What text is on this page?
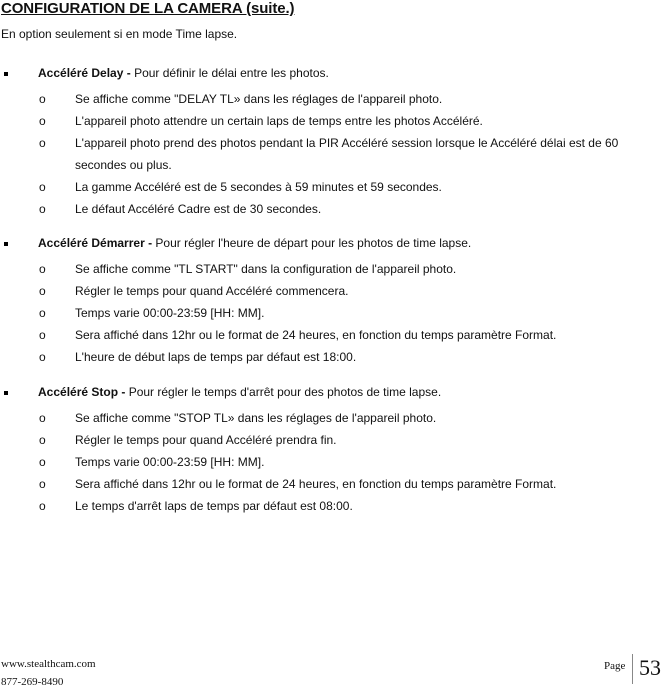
CONFIGURATION DE LA CAMERA (suite.)
En option seulement si en mode Time lapse.
Accéléré Delay - Pour définir le délai entre les photos.
o Se affiche comme "DELAY TL» dans les réglages de l'appareil photo.
o L'appareil photo attendre un certain laps de temps entre les photos Accéléré.
o L'appareil photo prend des photos pendant la PIR Accéléré session lorsque le Accéléré délai est de 60 secondes ou plus.
o La gamme Accéléré est de 5 secondes à 59 minutes et 59 secondes.
o Le défaut Accéléré Cadre est de 30 secondes.
Accéléré Démarrer - Pour régler l'heure de départ pour les photos de time lapse.
o Se affiche comme "TL START" dans la configuration de l'appareil photo.
o Régler le temps pour quand Accéléré commencera.
o Temps varie 00:00-23:59 [HH: MM].
o Sera affiché dans 12hr ou le format de 24 heures, en fonction du temps paramètre Format.
o L'heure de début laps de temps par défaut est 18:00.
Accéléré Stop - Pour régler le temps d'arrêt pour des photos de time lapse.
o Se affiche comme "STOP TL» dans les réglages de l'appareil photo.
o Régler le temps pour quand Accéléré prendra fin.
o Temps varie 00:00-23:59 [HH: MM].
o Sera affiché dans 12hr ou le format de 24 heures, en fonction du temps paramètre Format.
o Le temps d'arrêt laps de temps par défaut est 08:00.
www.stealthcam.com
877-269-8490
Page 53
